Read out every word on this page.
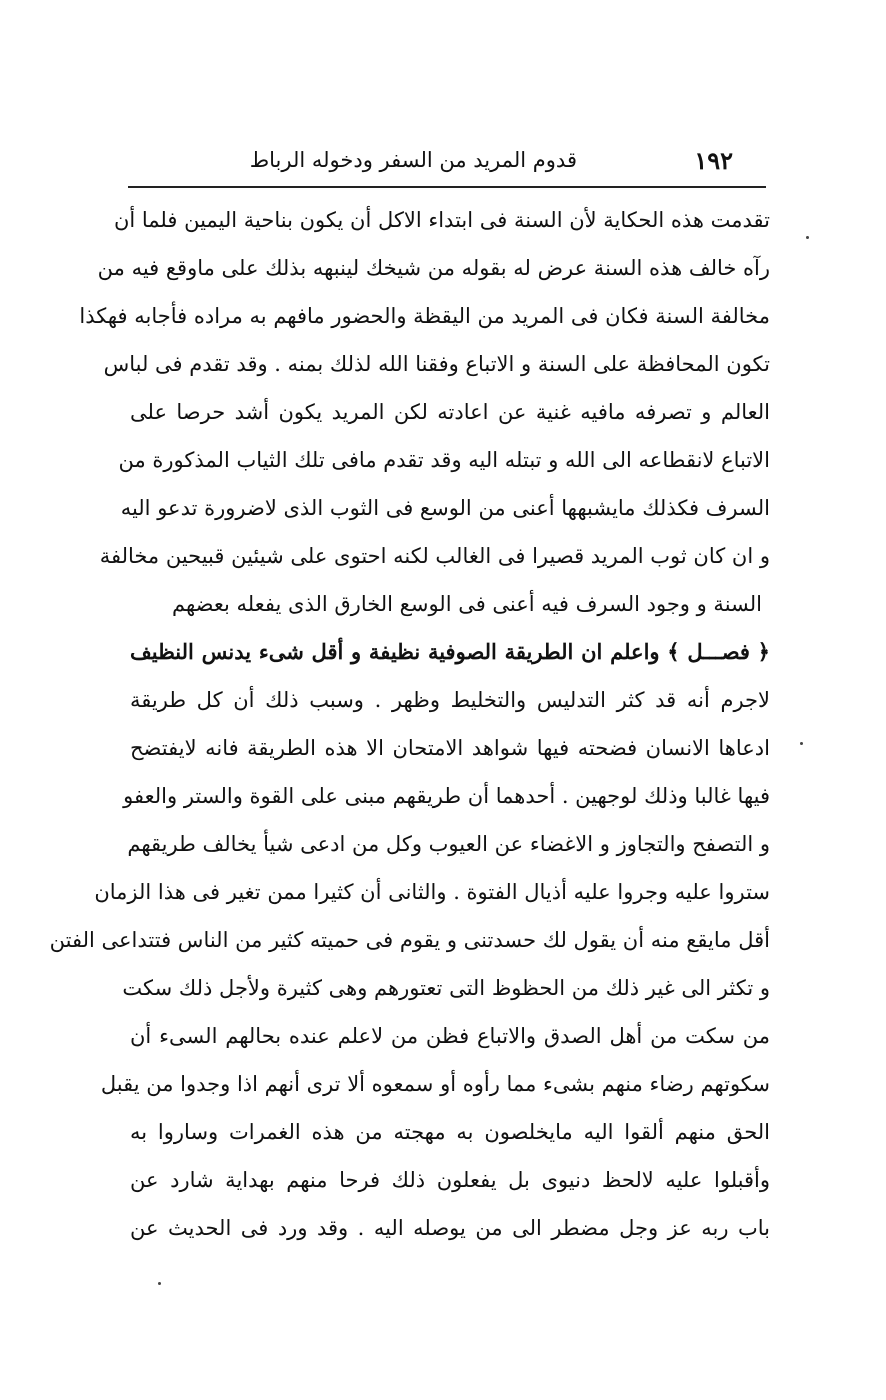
١٩٢
قدوم المريد من السفر ودخوله الرباط
تقدمت هذه الحكاية لأن السنة فى ابتداء الاكل أن يكون بناحية اليمين فلما أن
رآه خالف هذه السنة عرض له بقوله من شيخك لينبهه بذلك على ماوقع فيه من
مخالفة السنة فكان فى المريد من اليقظة والحضور مافهم به مراده فأجابه فهكذا
تكون المحافظة على السنة و الاتباع وفقنا الله لذلك بمنه . وقد تقدم فى لباس
العالم و تصرفه مافيه غنية عن اعادته لكن المريد يكون أشد حرصا على
الاتباع لانقطاعه الى الله و تبتله اليه وقد تقدم مافى تلك الثياب المذكورة من
السرف فكذلك مايشبهها أعنى من الوسع فى الثوب الذى لاضرورة تدعو اليه
و ان كان ثوب المريد قصيرا فى الغالب لكنه احتوى على شيئين قبيحين مخالفة
السنة و وجود السرف فيه أعنى فى الوسع الخارق الذى يفعله بعضهم
﴿ فصـــل ﴾ واعلم ان الطريقة الصوفية نظيفة و أقل شىء يدنس النظيف
لاجرم أنه قد كثر التدليس والتخليط وظهر . وسبب ذلك أن كل طريقة
ادعاها الانسان فضحته فيها شواهد الامتحان الا هذه الطريقة فانه لايفتضح
فيها غالبا وذلك لوجهين . أحدهما أن طريقهم مبنى على القوة والستر والعفو
و التصفح والتجاوز و الاغضاء عن العيوب وكل من ادعى شيأ يخالف طريقهم
ستروا عليه وجروا عليه أذيال الفتوة . والثانى أن كثيرا ممن تغير فى هذا الزمان
أقل مايقع منه أن يقول لك حسدتنى و يقوم فى حميته كثير من الناس فتتداعى الفتن
و تكثر الى غير ذلك من الحظوظ التى تعتورهم وهى كثيرة ولأجل ذلك سكت
من سكت من أهل الصدق والاتباع فظن من لاعلم عنده بحالهم السىء أن
سكوتهم رضاء منهم بشىء مما رأوه أو سمعوه ألا ترى أنهم اذا وجدوا من يقبل
الحق منهم ألقوا اليه مايخلصون به مهجته من هذه الغمرات وساروا به
وأقبلوا عليه لالحظ دنيوى بل يفعلون ذلك فرحا منهم بهداية شارد عن
باب ربه عز وجل مضطر الى من يوصله اليه . وقد ورد فى الحديث عن
